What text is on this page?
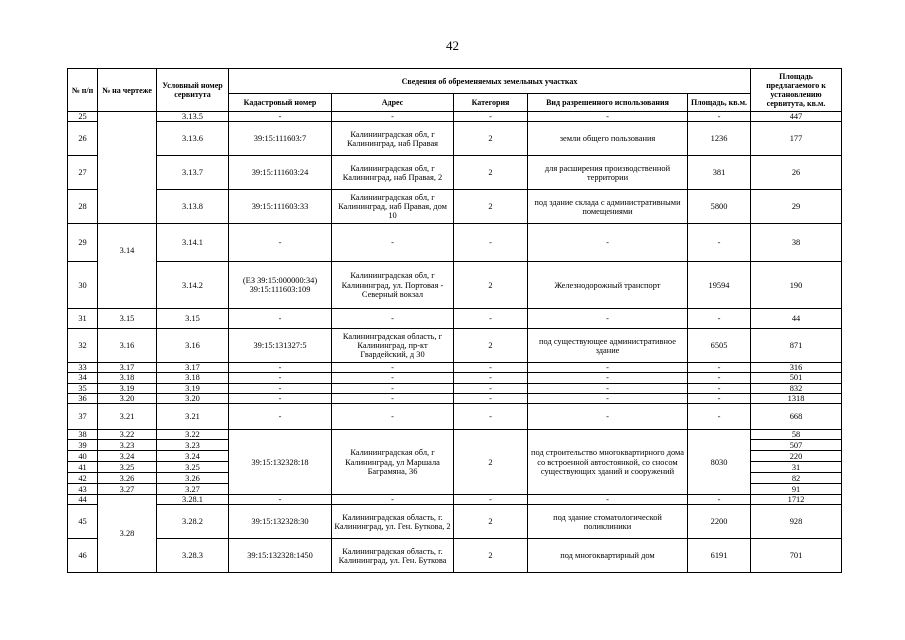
42
№ п/п	№ на чертеже	Условный номер сервитута	Сведения об обременяемых земельных участках					Площадь предлагаемого к установлению сервитута, кв.м.
			Кадастровый номер	Адрес	Категория	Вид разрешенного использования	Площадь, кв.м.	
25		3.13.5	-	-	-	-	-	447
26		3.13.6	39:15:111603:7	Калининградская обл, г Калининград, наб Правая	2	земли общего пользования	1236	177
27		3.13.7	39:15:111603:24	Калининградская обл, г Калининград, наб Правая, 2	2	для расширения производственной территории	381	26
28		3.13.8	39:15:111603:33	Калининградская обл, г Калининград, наб Правая, дом 10	2	под здание склада с административными помещениями	5800	29
29	3.14	3.14.1	-	-	-	-	-	38
30		3.14.2	(ЕЗ 39:15:000000:34) 39:15:111603:109	Калининградская обл, г Калининград, ул. Портовая - Северный вокзал	2	Железнодорожный транспорт	19594	190
31	3.15	3.15	-	-	-	-	-	44
32	3.16	3.16	39:15:131327:5	Калининградская область, г Калининград, пр-кт Гвардейский, д 30	2	под существующее административное здание	6505	871
33	3.17	3.17	-	-	-	-	-	316
34	3.18	3.18	-	-	-	-	-	501
35	3.19	3.19	-	-	-	-	-	832
36	3.20	3.20	-	-	-	-	-	1318
37	3.21	3.21	-	-	-	-	-	668
38	3.22	3.22	39:15:132328:18	Калининградская обл, г Калининград, ул Маршала Баграмяна, 36	2	под строительство многоквартирного дома со встроенной автостоянкой, со сносом существующих зданий и сооружений	8030	58
39	3.23	3.23						507
40	3.24	3.24						220
41	3.25	3.25						31
42	3.26	3.26						82
43	3.27	3.27						91
44	3.28	3.28.1	-	-	-	-	-	1712
45		3.28.2	39:15:132328:30	Калининградская область, г. Калининград, ул. Ген. Буткова, 2	2	под здание стоматологической поликлиники	2200	928
46		3.28.3	39:15:132328:1450	Калининградская область, г. Калининград, ул. Ген. Буткова	2	под многоквартирный дом	6191	701
